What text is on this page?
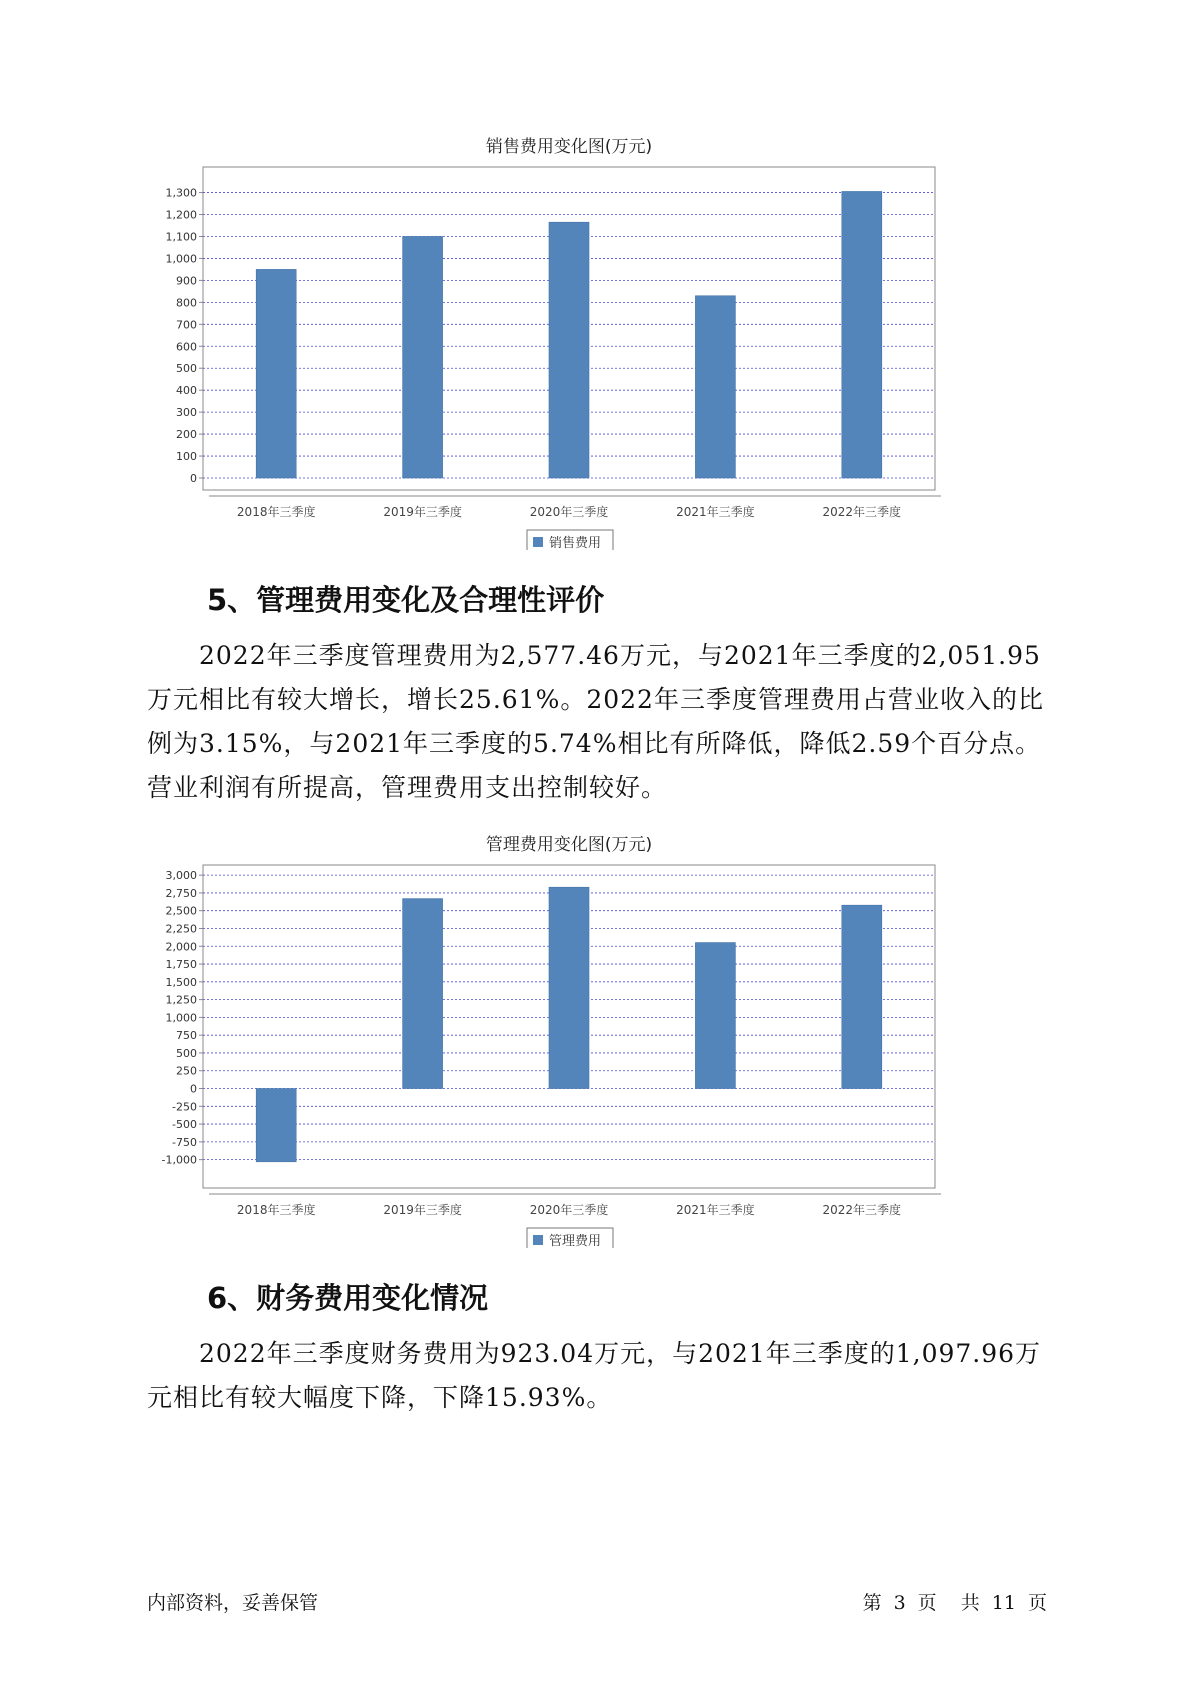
销售费用变化图(万元)
0
100
200
300
400
500
600
700
800
900
1,000
1,100
1,200
1,300
2018年三季度	2019年三季度	2020年三季度	2021年三季度	2022年三季度
销售费用
5、管理费用变化及合理性评价

2022年三季度管理费用为2,577.46万元，与2021年三季度的2,051.95万元相比有较大增长，增长25.61%。2022年三季度管理费用占营业收入的比例为3.15%，与2021年三季度的5.74%相比有所降低，降低2.59个百分点。营业利润有所提高，管理费用支出控制较好。

管理费用变化图(万元)
-1,000
-750
-500
-250
0
250
500
750
1,000
1,250
1,500
1,750
2,000
2,250
2,500
2,750
3,000
2018年三季度	2019年三季度	2020年三季度	2021年三季度	2022年三季度
管理费用
6、财务费用变化情况

2022年三季度财务费用为923.04万元，与2021年三季度的1,097.96万元相比有较大幅度下降，下降15.93%。

内部资料，妥善保管	第 3 页 共 11 页
